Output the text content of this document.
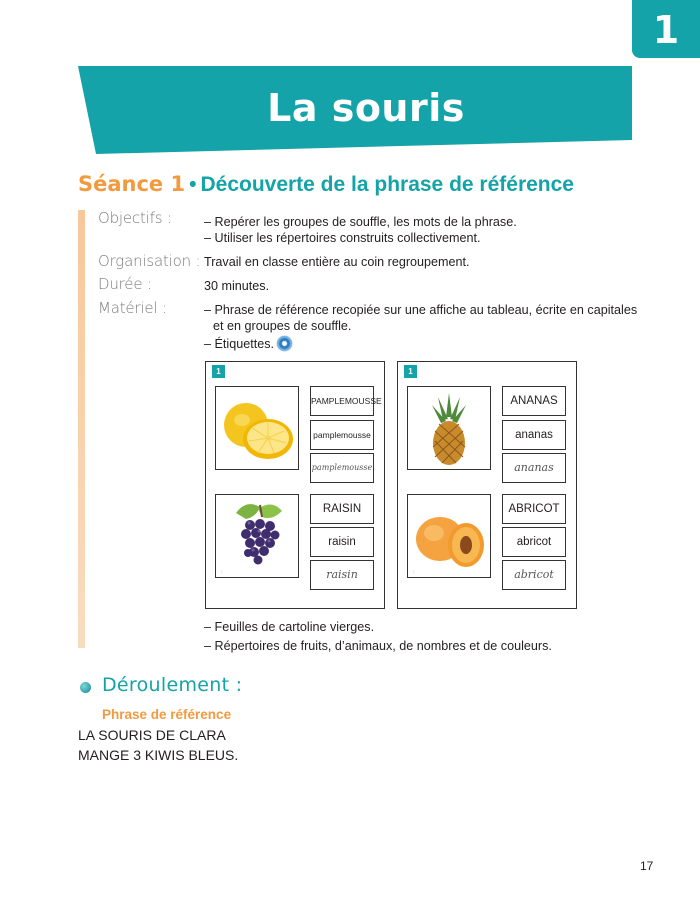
1
La souris
Séance 1 • Découverte de la phrase de référence
Objectifs :	– Repérer les groupes de souffle, les mots de la phrase.
– Utiliser les répertoires construits collectivement.
Organisation : Travail en classe entière au coin regroupement.
Durée :	30 minutes.
Matériel :	– Phrase de référence recopiée sur une affiche au tableau, écrite en capitales
et en groupes de souffle.
– Étiquettes.
1
PAMPLEMOUSSE
pamplemousse
pamplemousse
...
RAISIN
raisin
raisin
1
ANANAS
ananas
ananas
...
ABRICOT
abricot
abricot
– Feuilles de cartoline vierges.
– Répertoires de fruits, d’animaux, de nombres et de couleurs.
Déroulement :
Phrase de référence
LA SOURIS DE CLARA
MANGE 3 KIWIS BLEUS.
17
